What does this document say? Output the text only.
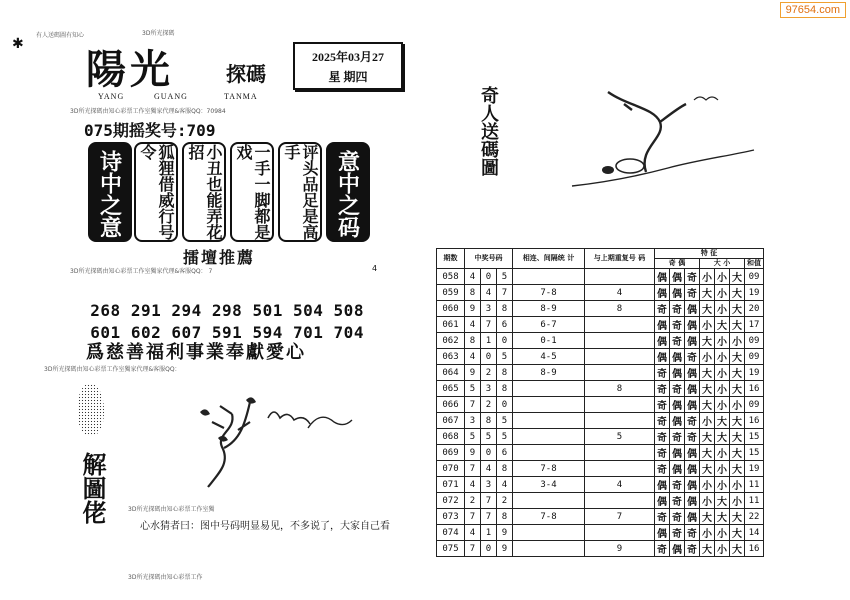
97654.com
有人送碼圖有知心	3D所光探碼
✱
陽光	探碼
YANG	GUANG	TANMA
2025年03月27
星 期四
3D所光探碼由知心彩票工作室獨家代理&客服QQ：70984
075期摇奖号:709
诗中之意	狐狸借威行号令	小丑也能弄花招	一手一脚都是戏	评头品足是高手	意中之码
擂壇推薦
3D所光探碼由知心彩票工作室獨家代理&客服QQ： 7	4

268 291 294 298 501 504 508

601 602 607 591 594 701 704

爲慈善福利事業奉獻愛心
3D所光探碼由知心彩票工作室獨家代理&客服QQ：
解圖佬	3D所光探碼由知心彩票工作室獨
3D所光探碼由知心彩票工作
心水猜者曰：图中号码明显易见，不多说了，大家自己看
奇人送碼圖
期数	中奖号码			相连、间隔统 计	与上期重复号 码	特 征						
						奇 偶			大 小			和值
058	4	0	5			偶	偶	奇	小	小	大	09
059	8	4	7	7-8	4	偶	偶	奇	大	小	大	19
060	9	3	8	8-9	8	奇	奇	偶	大	小	大	20
061	4	7	6	6-7		偶	奇	偶	小	大	大	17
062	8	1	0	0-1		偶	奇	偶	大	小	小	09
063	4	0	5	4-5		偶	偶	奇	小	小	大	09
064	9	2	8	8-9		奇	偶	偶	大	小	大	19
065	5	3	8		8	奇	奇	偶	大	小	大	16
066	7	2	0			奇	偶	偶	大	小	小	09
067	3	8	5			奇	偶	奇	小	大	大	16
068	5	5	5		5	奇	奇	奇	大	大	大	15
069	9	0	6			奇	偶	偶	大	小	大	15
070	7	4	8	7-8		奇	偶	偶	大	小	大	19
071	4	3	4	3-4	4	偶	奇	偶	小	小	小	11
072	2	7	2			偶	奇	偶	小	大	小	11
073	7	7	8	7-8	7	奇	奇	偶	大	大	大	22
074	4	1	9			偶	奇	奇	小	小	大	14
075	7	0	9		9	奇	偶	奇	大	小	大	16
